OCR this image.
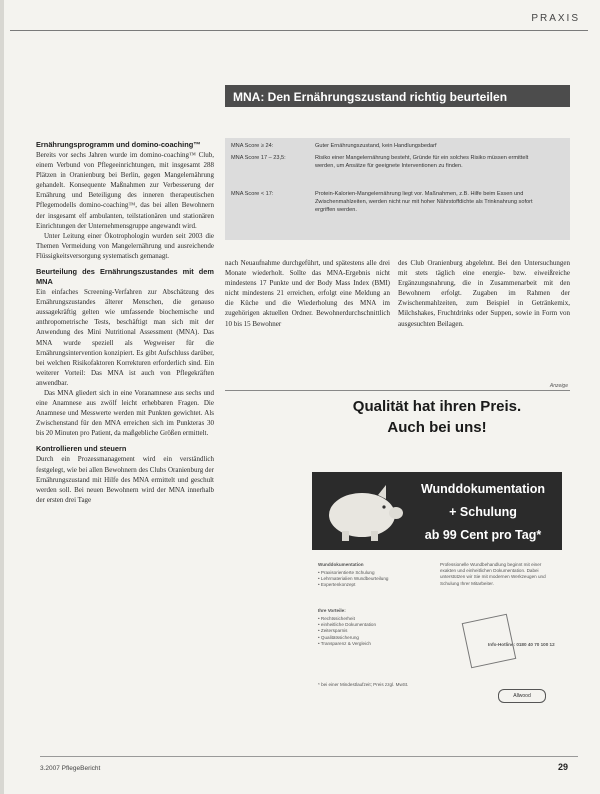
PRAXIS
MNA: Den Ernährungszustand richtig beurteilen
MNA Score ≥ 24:	Guter Ernährungszustand, kein Handlungsbedarf
MNA Score 17 – 23,5:	Risiko einer Mangelernährung besteht, Gründe für ein solches Risiko müssen ermittelt werden, um Ansätze für geeignete Interventionen zu finden.
MNA Score < 17:	Protein-Kalorien-Mangelernährung liegt vor. Maßnahmen, z.B. Hilfe beim Essen und Zwischenmahlzeiten, werden nicht nur mit hoher Nährstoffdichte als Trinknahrung sofort ergriffen werden.
Ernährungsprogramm und domino-coaching™

Bereits vor sechs Jahren wurde im domino-coaching™ Club, einem Verbund von Pflegeeinrichtungen, mit insgesamt 288 Plätzen in Oranienburg bei Berlin, gegen Mangelernährung gehandelt. Konsequente Maßnahmen zur Verbesserung der Ernährung und Beteiligung des inneren therapeutischen Pflegemodells domino-coaching™, das bei allen Bewohnern der insgesamt elf ambulanten, teilstationären und stationären Einrichtungen der Unternehmensgruppe angewandt wird.

Unter Leitung einer Ökotrophologin wurden seit 2003 die Themen Vermeidung von Mangelernährung und ausreichende Flüssigkeitsversorgung systematisch gemanagt.

Beurteilung des Ernährungszustandes mit dem MNA

Ein einfaches Screening-Verfahren zur Abschätzung des Ernährungszustandes älterer Menschen, die genauso aussagekräftig gelten wie umfassende biochemische und anthropometrische Tests, beschäftigt man sich mit der Anwendung des Mini Nutritional Assessment (MNA). Das MNA wurde speziell als Wegweiser für die Ernährungsintervention konzipiert. Es gibt Aufschluss darüber, bei welchen Risikofaktoren Korrekturen erforderlich sind. Ein weiterer Vorteil: Das MNA ist auch von Pflegekräften anwendbar.

Das MNA gliedert sich in eine Voranamnese aus sechs und eine Anamnese aus zwölf leicht erhebbaren Fragen. Die Anamnese und Messwerte werden mit Punkten gewichtet. Als Zwischenstand für den MNA erreichen sich im Punkteras 30 bis 20 Minuten pro Patient, da maßgebliche Größen ermittelt.

Kontrollieren und steuern

Durch ein Prozessmanagement wird ein verständlich festgelegt, wie bei allen Bewohnern des Clubs Oranienburg der Ernährungszustand mit Hilfe des MNA ermittelt und geschult werden soll. Bei neuen Bewohnern wird der MNA innerhalb der ersten drei Tage

nach Neuaufnahme durchgeführt, und spätestens alle drei Monate wiederholt. Sollte das MNA-Ergebnis nicht mindestens 17 Punkte und der Body Mass Index (BMI) nicht mindestens 21 erreichen, erfolgt eine Meldung an die Küche und die Wiederholung des MNA im zugehörigen aktuellen Ordner. Bewohnerdurchschnittlich 10 bis 15 Bewohner

des Club Oranienburg abgelehnt. Bei den Untersuchungen mit stets täglich eine energie- bzw. eiweißreiche Ergänzungsnahrung, die in Zusammenarbeit mit den Bewohnern erfolgt. Zugaben im Rahmen der Zwischenmahlzeiten, zum Beispiel in Getränkemix, Milchshakes, Fruchtdrinks oder Suppen, sowie in Form von ausgesuchten Beilagen.

Anzeige
Qualität hat ihren Preis.
Auch bei uns!
Wunddokumentation
+ Schulung
ab 99 Cent pro Tag*
Wunddokumentation
• Praxisorientierte Schulung
• Lehrmaterialien Wundbeurteilung
• Expertenkonzept
Ihre Vorteile:
• Rechtssicherheit
• einheitliche Dokumentation
• Zeitersparnis
• Qualitätssicherung
• Transparenz & Vergleich
Professionelle Wundbehandlung beginnt mit einer exakten und einheitlichen Dokumentation. Dabei unterstützen wir Sie mit modernen Werkzeugen und Schulung Ihrer Mitarbeiter.
Info-Hotline: 0180 40 70 100 12
* bei einer Mindestlaufzeit; Preis zzgl. MwSt.
Allwood
3.2007 PflegeBericht	29
